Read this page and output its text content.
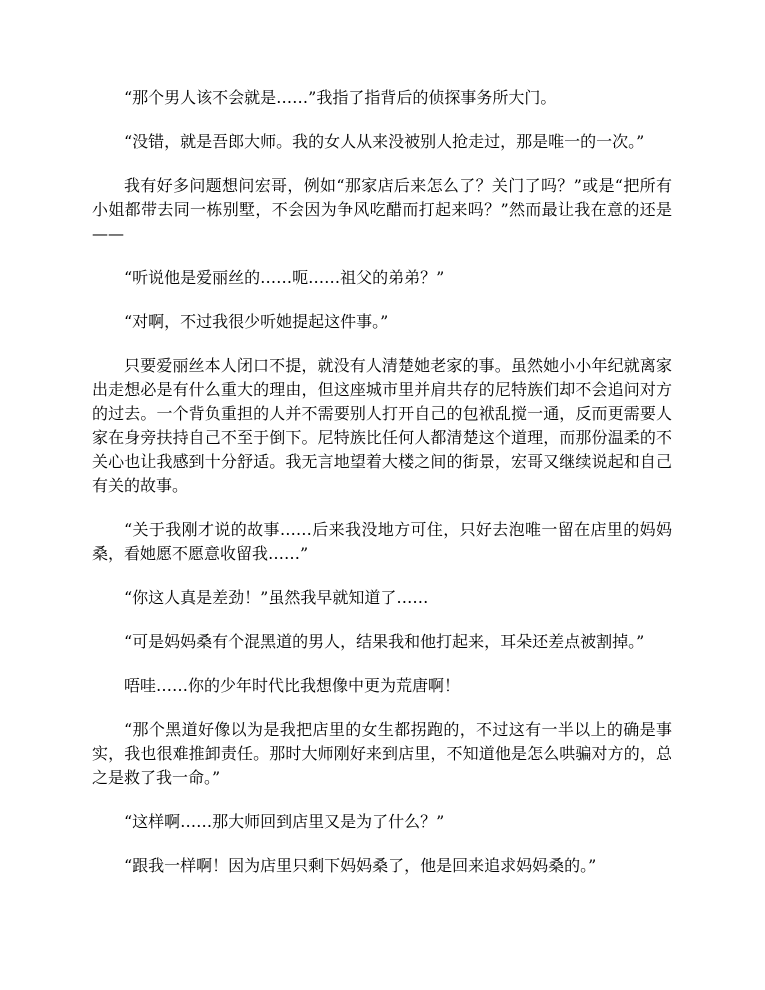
“那个男人该不会就是……”我指了指背后的侦探事务所大门。

“没错，就是吾郎大师。我的女人从来没被别人抢走过，那是唯一的一次。”

我有好多问题想问宏哥，例如“那家店后来怎么了？关门了吗？”或是“把所有小姐都带去同一栋别墅，不会因为争风吃醋而打起来吗？”然而最让我在意的还是——

“听说他是爱丽丝的……呃……祖父的弟弟？”

“对啊，不过我很少听她提起这件事。”

只要爱丽丝本人闭口不提，就没有人清楚她老家的事。虽然她小小年纪就离家出走想必是有什么重大的理由，但这座城市里并肩共存的尼特族们却不会追问对方的过去。一个背负重担的人并不需要别人打开自己的包袱乱搅一通，反而更需要人家在身旁扶持自己不至于倒下。尼特族比任何人都清楚这个道理，而那份温柔的不关心也让我感到十分舒适。我无言地望着大楼之间的街景，宏哥又继续说起和自己有关的故事。

“关于我刚才说的故事……后来我没地方可住，只好去泡唯一留在店里的妈妈桑，看她愿不愿意收留我……”

“你这人真是差劲！”虽然我早就知道了……

“可是妈妈桑有个混黑道的男人，结果我和他打起来，耳朵还差点被割掉。”

唔哇……你的少年时代比我想像中更为荒唐啊！

“那个黑道好像以为是我把店里的女生都拐跑的，不过这有一半以上的确是事实，我也很难推卸责任。那时大师刚好来到店里，不知道他是怎么哄骗对方的，总之是救了我一命。”

“这样啊……那大师回到店里又是为了什么？”

“跟我一样啊！因为店里只剩下妈妈桑了，他是回来追求妈妈桑的。”
